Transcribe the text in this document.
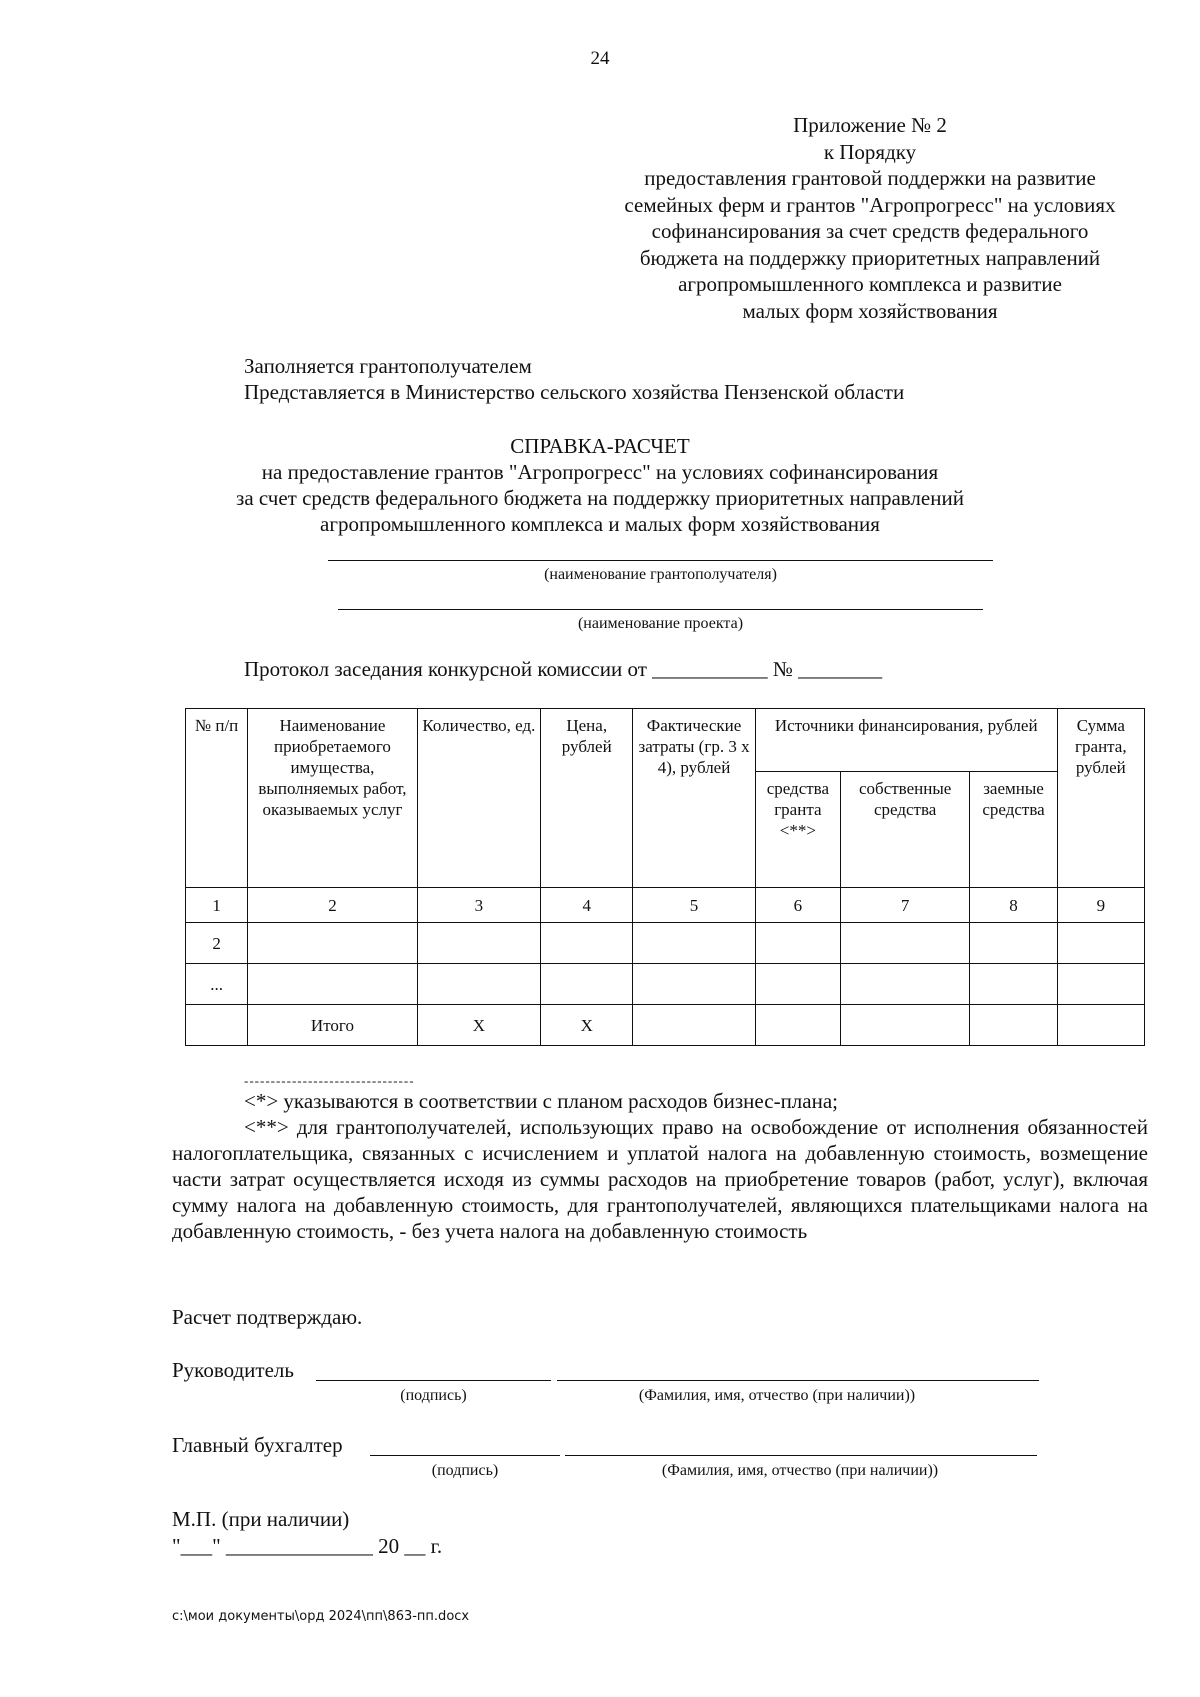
24
Приложение № 2
к Порядку
предоставления грантовой поддержки на развитие
семейных ферм и грантов "Агропрогресс" на условиях
софинансирования за счет средств федерального
бюджета на поддержку приоритетных направлений
агропромышленного комплекса и развитие
малых форм хозяйствования
Заполняется грантополучателем
Представляется в Министерство сельского хозяйства Пензенской области
СПРАВКА-РАСЧЕТ
на предоставление грантов "Агропрогресс" на условиях софинансирования
за счет средств федерального бюджета на поддержку приоритетных направлений
агропромышленного комплекса и малых форм хозяйствования
(наименование грантополучателя)
(наименование проекта)
Протокол заседания конкурсной комиссии от ___________ № ________
№ п/п	Наименование приобретаемого имущества, выполняемых работ, оказываемых услуг	Количество, ед.	Цена, рублей	Фактические затраты (гр. 3 x 4), рублей	Источники финансирования, рублей			Сумма гранта, рублей
					средства гранта <**>	собственные средства	заемные средства	
1	2	3	4	5	6	7	8	9
2								
...								
	Итого	X	X					
--------------------------------
<*> указываются в соответствии с планом расходов бизнес-плана;
<**> для грантополучателей, использующих право на освобождение от исполнения обязанностей налогоплательщика, связанных с исчислением и уплатой налога на добавленную стоимость, возмещение части затрат осуществляется исходя из суммы расходов на приобретение товаров (работ, услуг), включая сумму налога на добавленную стоимость, для грантополучателей, являющихся плательщиками налога на добавленную стоимость, - без учета налога на добавленную стоимость
Расчет подтверждаю.
Руководитель
(подпись)	(Фамилия, имя, отчество (при наличии))
Главный бухгалтер
(подпись)	(Фамилия, имя, отчество (при наличии))
М.П. (при наличии)
"___" ______________ 20 __ г.
c:\мои документы\орд 2024\пп\863-пп.docx
